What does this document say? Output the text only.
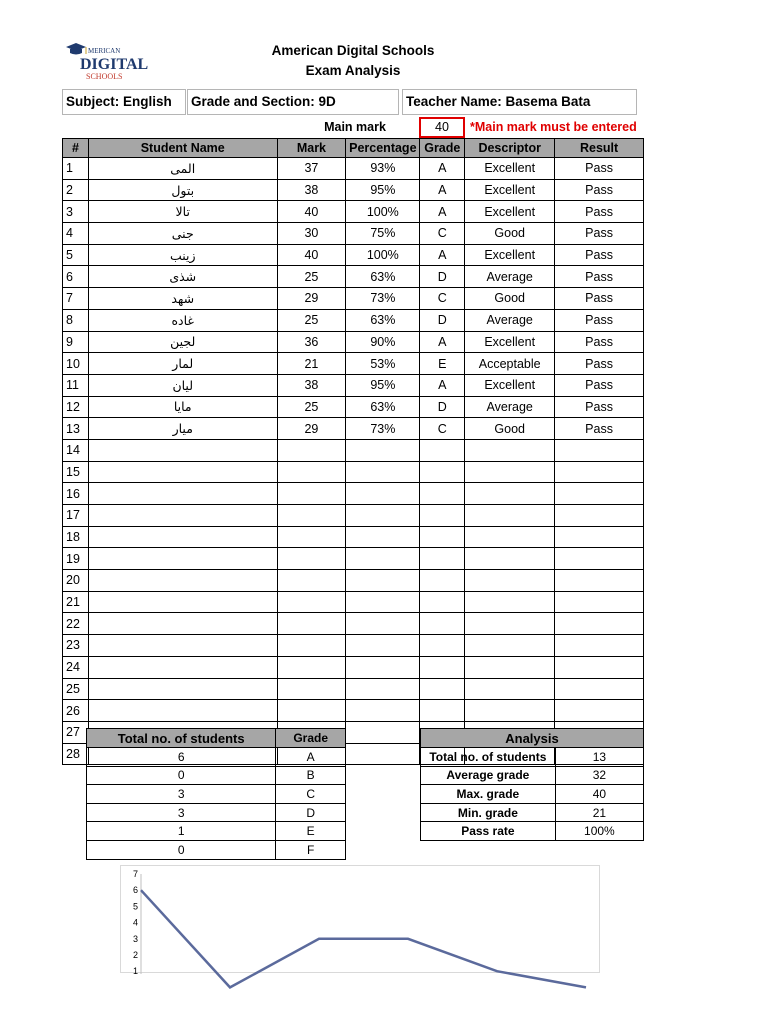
MERICAN
DIGITAL
SCHOOLS
American Digital Schools
Exam Analysis
Subject: English	Grade and Section: 9D	Teacher Name: Basema Bata
Main mark	40	*Main mark must be entered
#	Student Name	Mark	Percentage	Grade	Descriptor	Result
1	المى	37	93%	A	Excellent	Pass
2	بتول	38	95%	A	Excellent	Pass
3	تالا	40	100%	A	Excellent	Pass
4	جنى	30	75%	C	Good	Pass
5	زينب	40	100%	A	Excellent	Pass
6	شذى	25	63%	D	Average	Pass
7	شهد	29	73%	C	Good	Pass
8	غاده	25	63%	D	Average	Pass
9	لجين	36	90%	A	Excellent	Pass
10	لمار	21	53%	E	Acceptable	Pass
11	ليان	38	95%	A	Excellent	Pass
12	مايا	25	63%	D	Average	Pass
13	ميار	29	73%	C	Good	Pass
14						
15						
16						
17						
18						
19						
20						
21						
22						
23						
24						
25						
26						
27						
28						
Total no. of students	Grade
6	A
0	B
3	C
3	D
1	E
0	F
Analysis	
Total no. of students	13
Average grade	32
Max. grade	40
Min. grade	21
Pass rate	100%
1
2
3
4
5
6
7
